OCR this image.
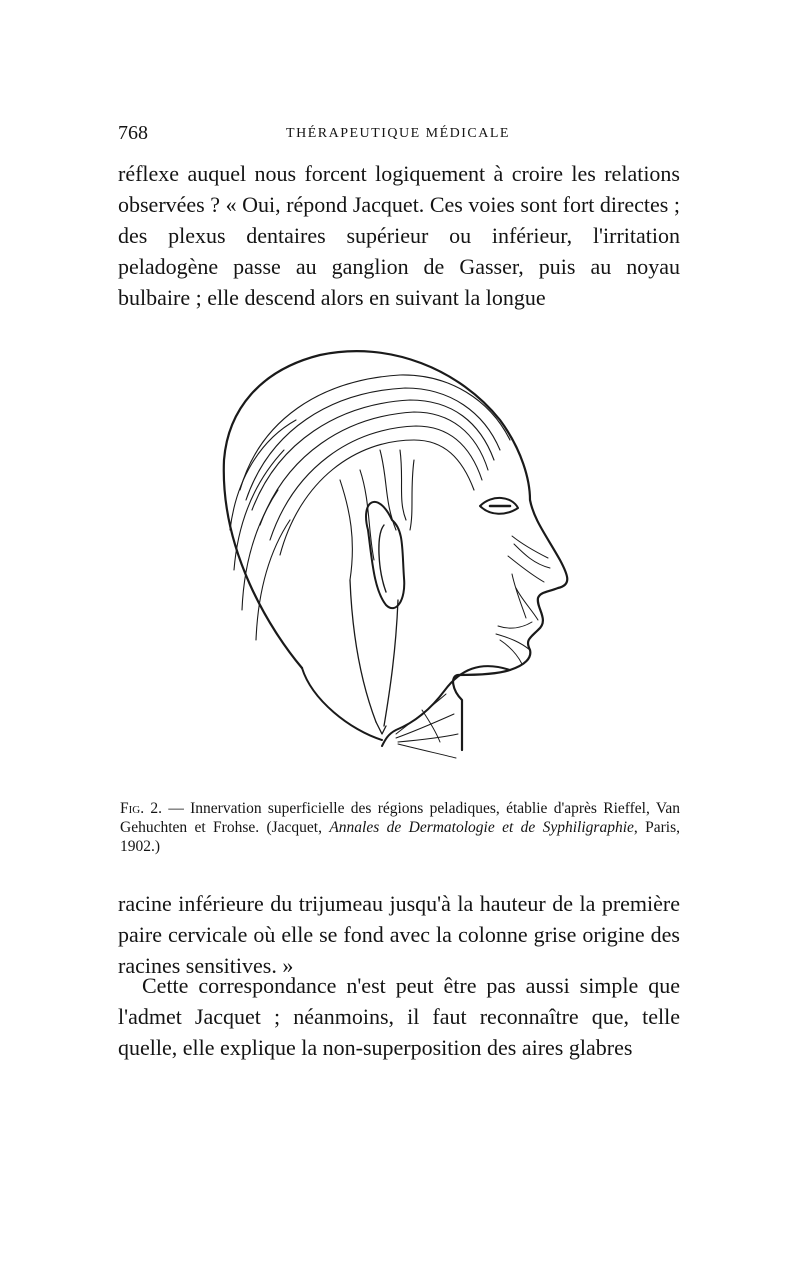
768	THÉRAPEUTIQUE MÉDICALE

réflexe auquel nous forcent logiquement à croire les relations observées ? « Oui, répond Jacquet. Ces voies sont fort directes ; des plexus dentaires supérieur ou inférieur, l'irritation peladogène passe au ganglion de Gasser, puis au noyau bulbaire ; elle descend alors en suivant la longue

Fig. 2. — Innervation superficielle des régions peladiques, établie d'après Rieffel, Van Gehuchten et Frohse. (Jacquet, Annales de Dermatologie et de Syphiligraphie, Paris, 1902.)

racine inférieure du trijumeau jusqu'à la hauteur de la première paire cervicale où elle se fond avec la colonne grise origine des racines sensitives. »

Cette correspondance n'est peut être pas aussi simple que l'admet Jacquet ; néanmoins, il faut reconnaître que, telle quelle, elle explique la non-superposition des aires glabres
